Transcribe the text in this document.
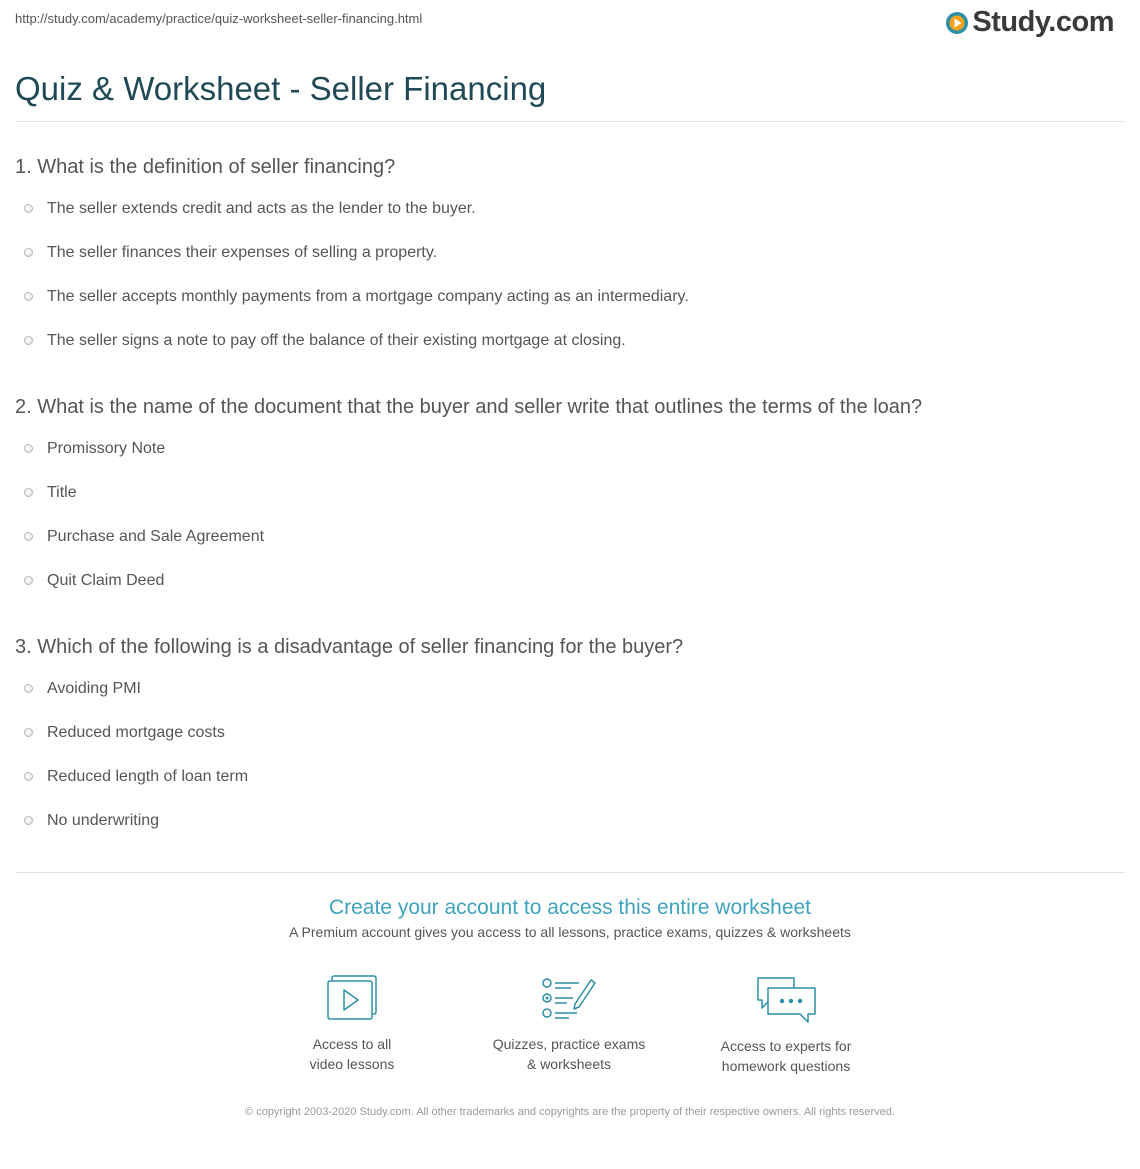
http://study.com/academy/practice/quiz-worksheet-seller-financing.html	Study.com
Quiz & Worksheet - Seller Financing
1. What is the definition of seller financing?
The seller extends credit and acts as the lender to the buyer.
The seller finances their expenses of selling a property.
The seller accepts monthly payments from a mortgage company acting as an intermediary.
The seller signs a note to pay off the balance of their existing mortgage at closing.
2. What is the name of the document that the buyer and seller write that outlines the terms of the loan?
Promissory Note
Title
Purchase and Sale Agreement
Quit Claim Deed
3. Which of the following is a disadvantage of seller financing for the buyer?
Avoiding PMI
Reduced mortgage costs
Reduced length of loan term
No underwriting
Create your account to access this entire worksheet
A Premium account gives you access to all lessons, practice exams, quizzes & worksheets
Access to all
video lessons
Quizzes, practice exams
& worksheets
Access to experts for
homework questions
© copyright 2003-2020 Study.com. All other trademarks and copyrights are the property of their respective owners. All rights reserved.
